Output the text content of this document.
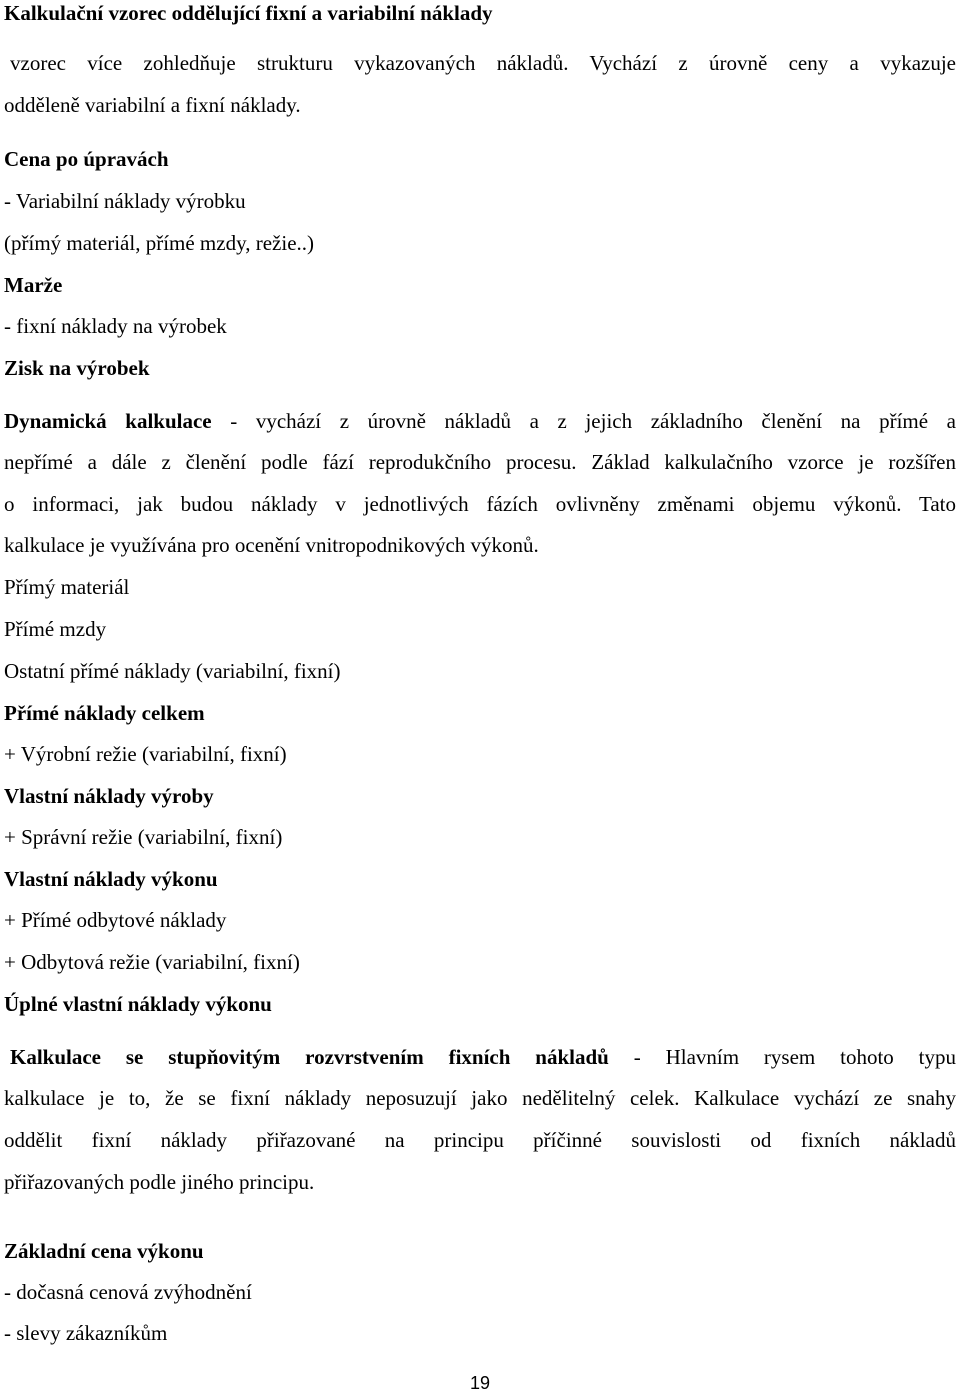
Kalkulační vzorec oddělující fixní a variabilní náklady
vzorec více zohledňuje strukturu vykazovaných nákladů. Vychází z úrovně ceny a vykazuje
odděleně variabilní a fixní náklady.
Cena po úpravách
- Variabilní náklady výrobku
(přímý materiál, přímé mzdy, režie..)
Marže
- fixní náklady na výrobek
Zisk na výrobek
Dynamická kalkulace - vychází z úrovně nákladů a z jejich základního členění na přímé a
nepřímé a dále z členění podle fází reprodukčního procesu. Základ kalkulačního vzorce je rozšířen
o informaci, jak budou náklady v jednotlivých fázích ovlivněny změnami objemu výkonů. Tato
kalkulace je využívána pro ocenění vnitropodnikových výkonů.
Přímý materiál
Přímé mzdy
Ostatní přímé náklady (variabilní, fixní)
Přímé náklady celkem
+ Výrobní režie (variabilní, fixní)
Vlastní náklady výroby
+ Správní režie (variabilní, fixní)
Vlastní náklady výkonu
+ Přímé odbytové náklady
+ Odbytová režie (variabilní, fixní)
Úplné vlastní náklady výkonu
Kalkulace se stupňovitým rozvrstvením fixních nákladů - Hlavním rysem tohoto typu
kalkulace je to, že se fixní náklady neposuzují jako nedělitelný celek. Kalkulace vychází ze snahy
oddělit fixní náklady přiřazované na principu příčinné souvislosti od fixních nákladů
přiřazovaných podle jiného principu.
Základní cena výkonu
- dočasná cenová zvýhodnění
- slevy zákazníkům
19
